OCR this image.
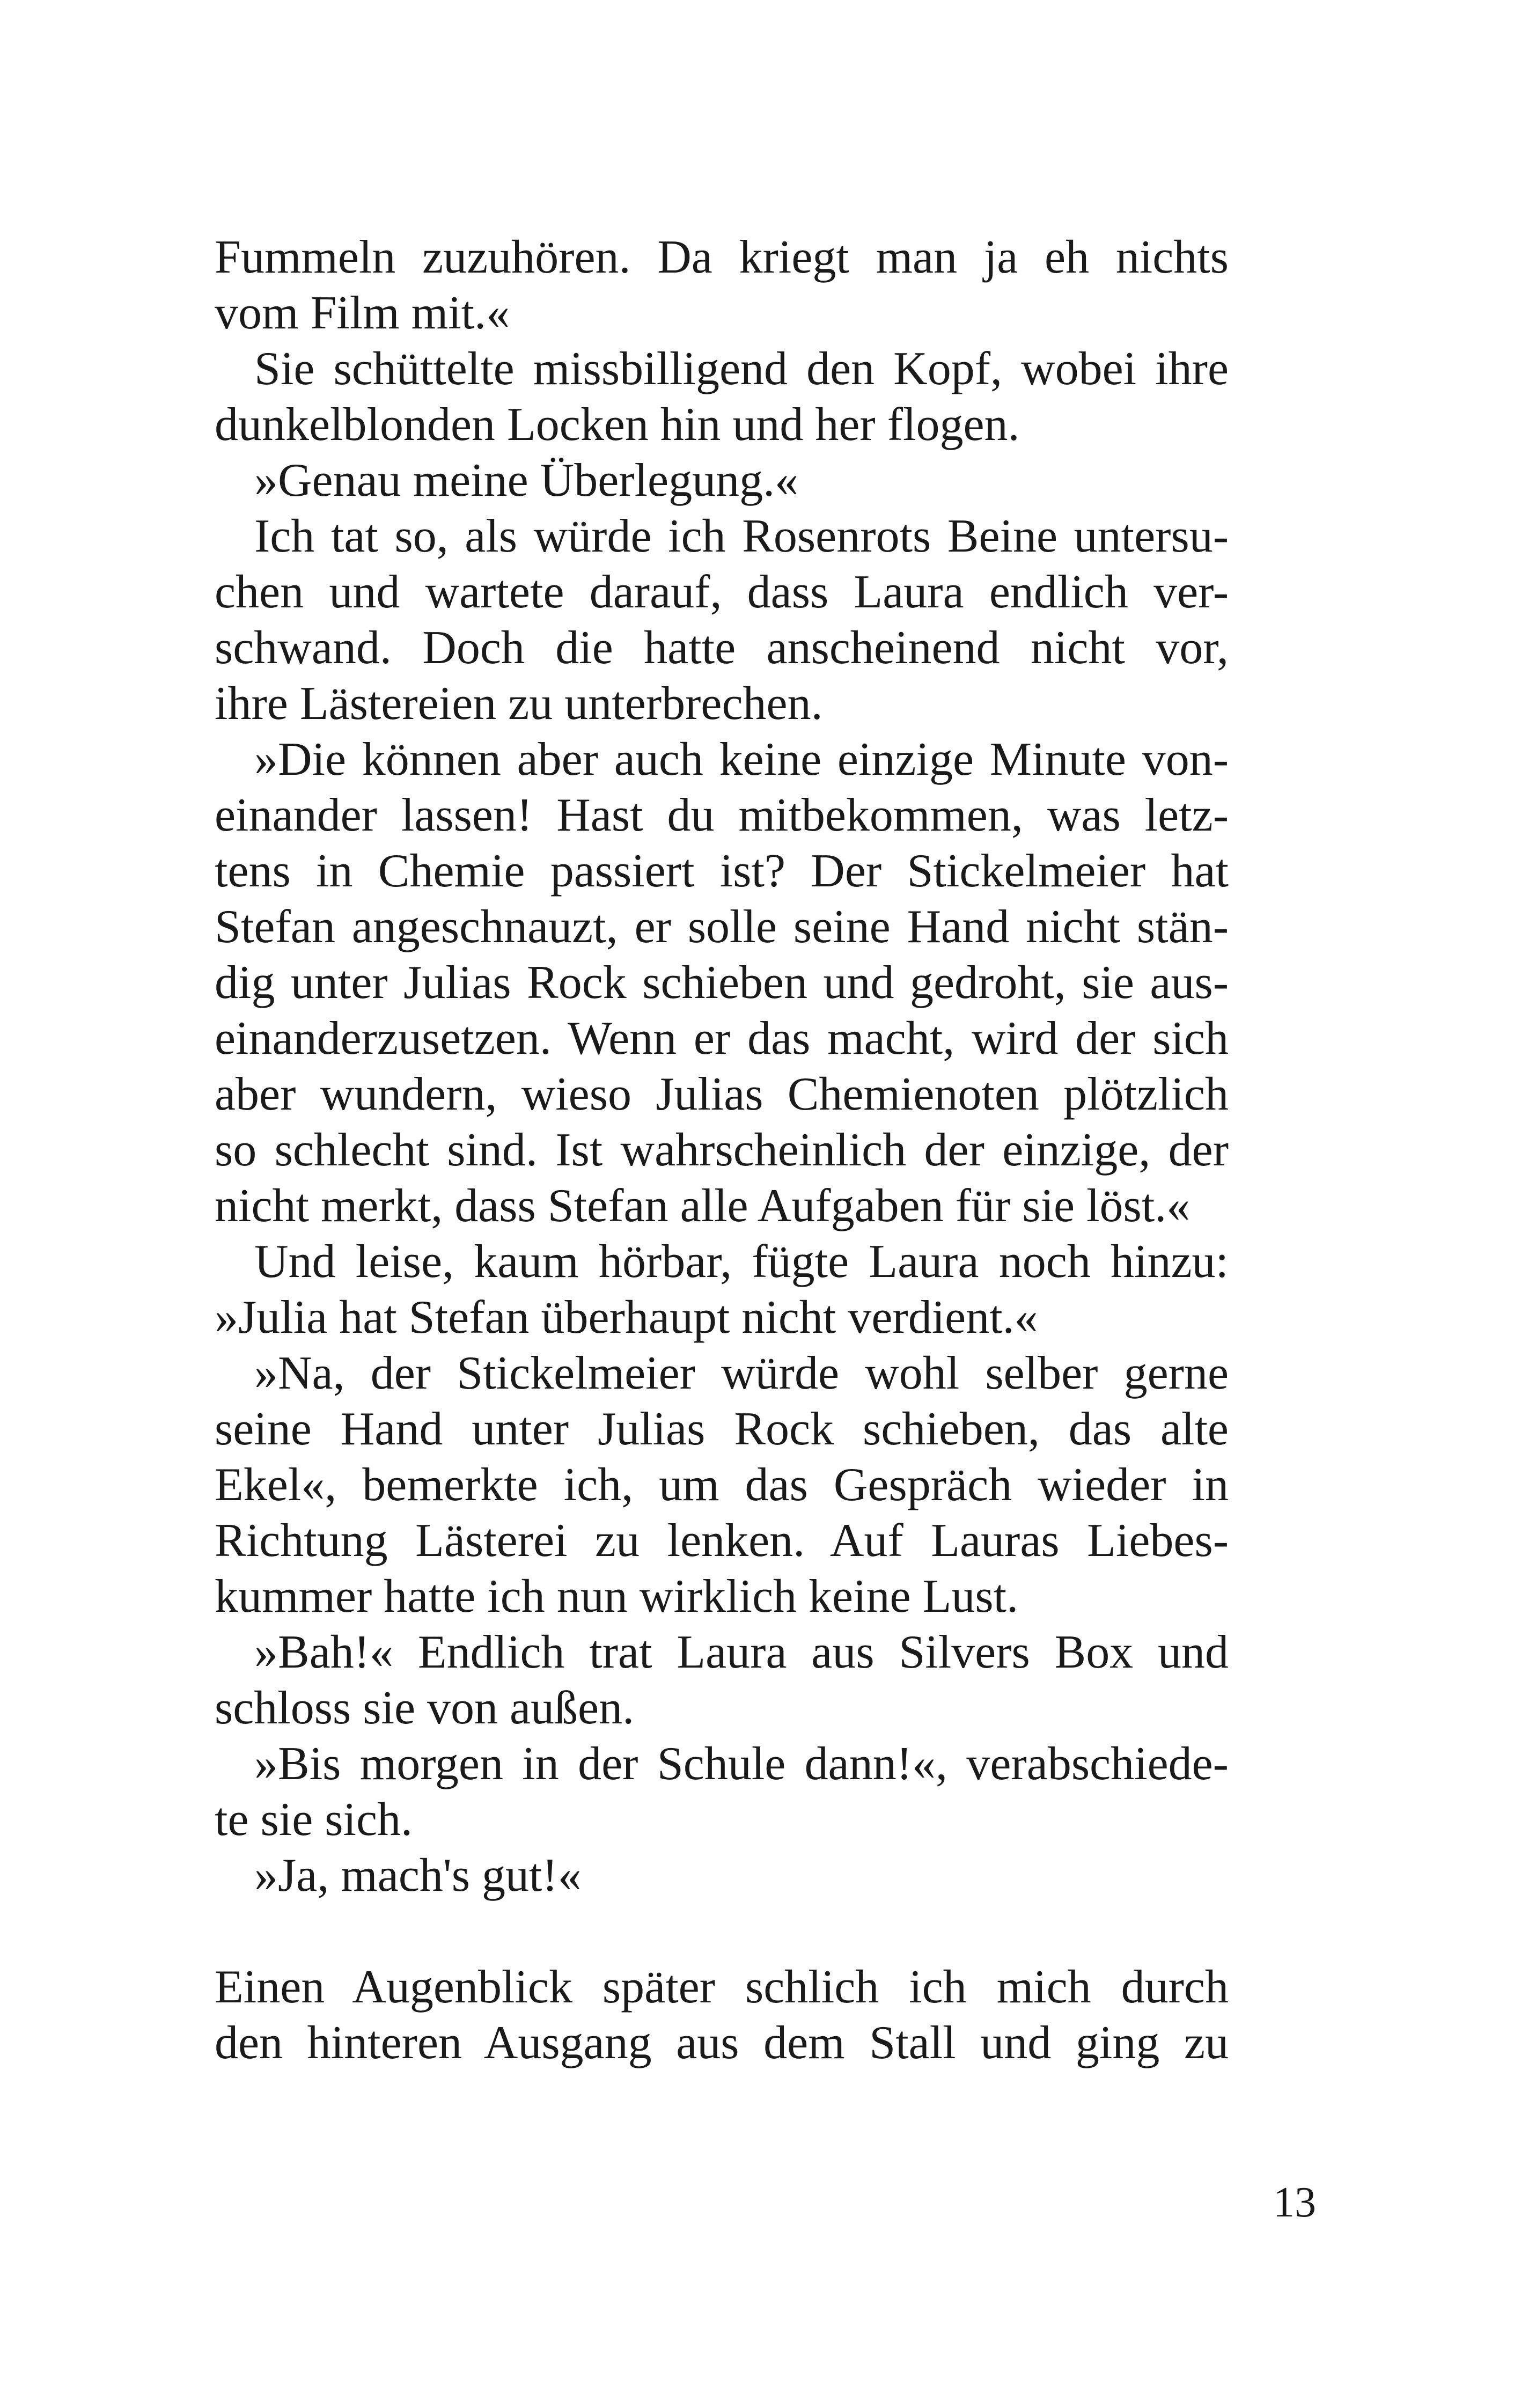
Fummeln zuzuhören. Da kriegt man ja eh nichts
vom Film mit.«
Sie schüttelte missbilligend den Kopf, wobei ihre
dunkelblonden Locken hin und her flogen.
»Genau meine Überlegung.«
Ich tat so, als würde ich Rosenrots Beine untersu-
chen und wartete darauf, dass Laura endlich ver-
schwand. Doch die hatte anscheinend nicht vor,
ihre Lästereien zu unterbrechen.
»Die können aber auch keine einzige Minute von-
einander lassen! Hast du mitbekommen, was letz-
tens in Chemie passiert ist? Der Stickelmeier hat
Stefan angeschnauzt, er solle seine Hand nicht stän-
dig unter Julias Rock schieben und gedroht, sie aus-
einanderzusetzen. Wenn er das macht, wird der sich
aber wundern, wieso Julias Chemienoten plötzlich
so schlecht sind. Ist wahrscheinlich der einzige, der
nicht merkt, dass Stefan alle Aufgaben für sie löst.«
Und leise, kaum hörbar, fügte Laura noch hinzu:
»Julia hat Stefan überhaupt nicht verdient.«
»Na, der Stickelmeier würde wohl selber gerne
seine Hand unter Julias Rock schieben, das alte
Ekel«, bemerkte ich, um das Gespräch wieder in
Richtung Lästerei zu lenken. Auf Lauras Liebes-
kummer hatte ich nun wirklich keine Lust.
»Bah!« Endlich trat Laura aus Silvers Box und
schloss sie von außen.
»Bis morgen in der Schule dann!«, verabschiede-
te sie sich.
»Ja, mach's gut!«
Einen Augenblick später schlich ich mich durch
den hinteren Ausgang aus dem Stall und ging zu
13
